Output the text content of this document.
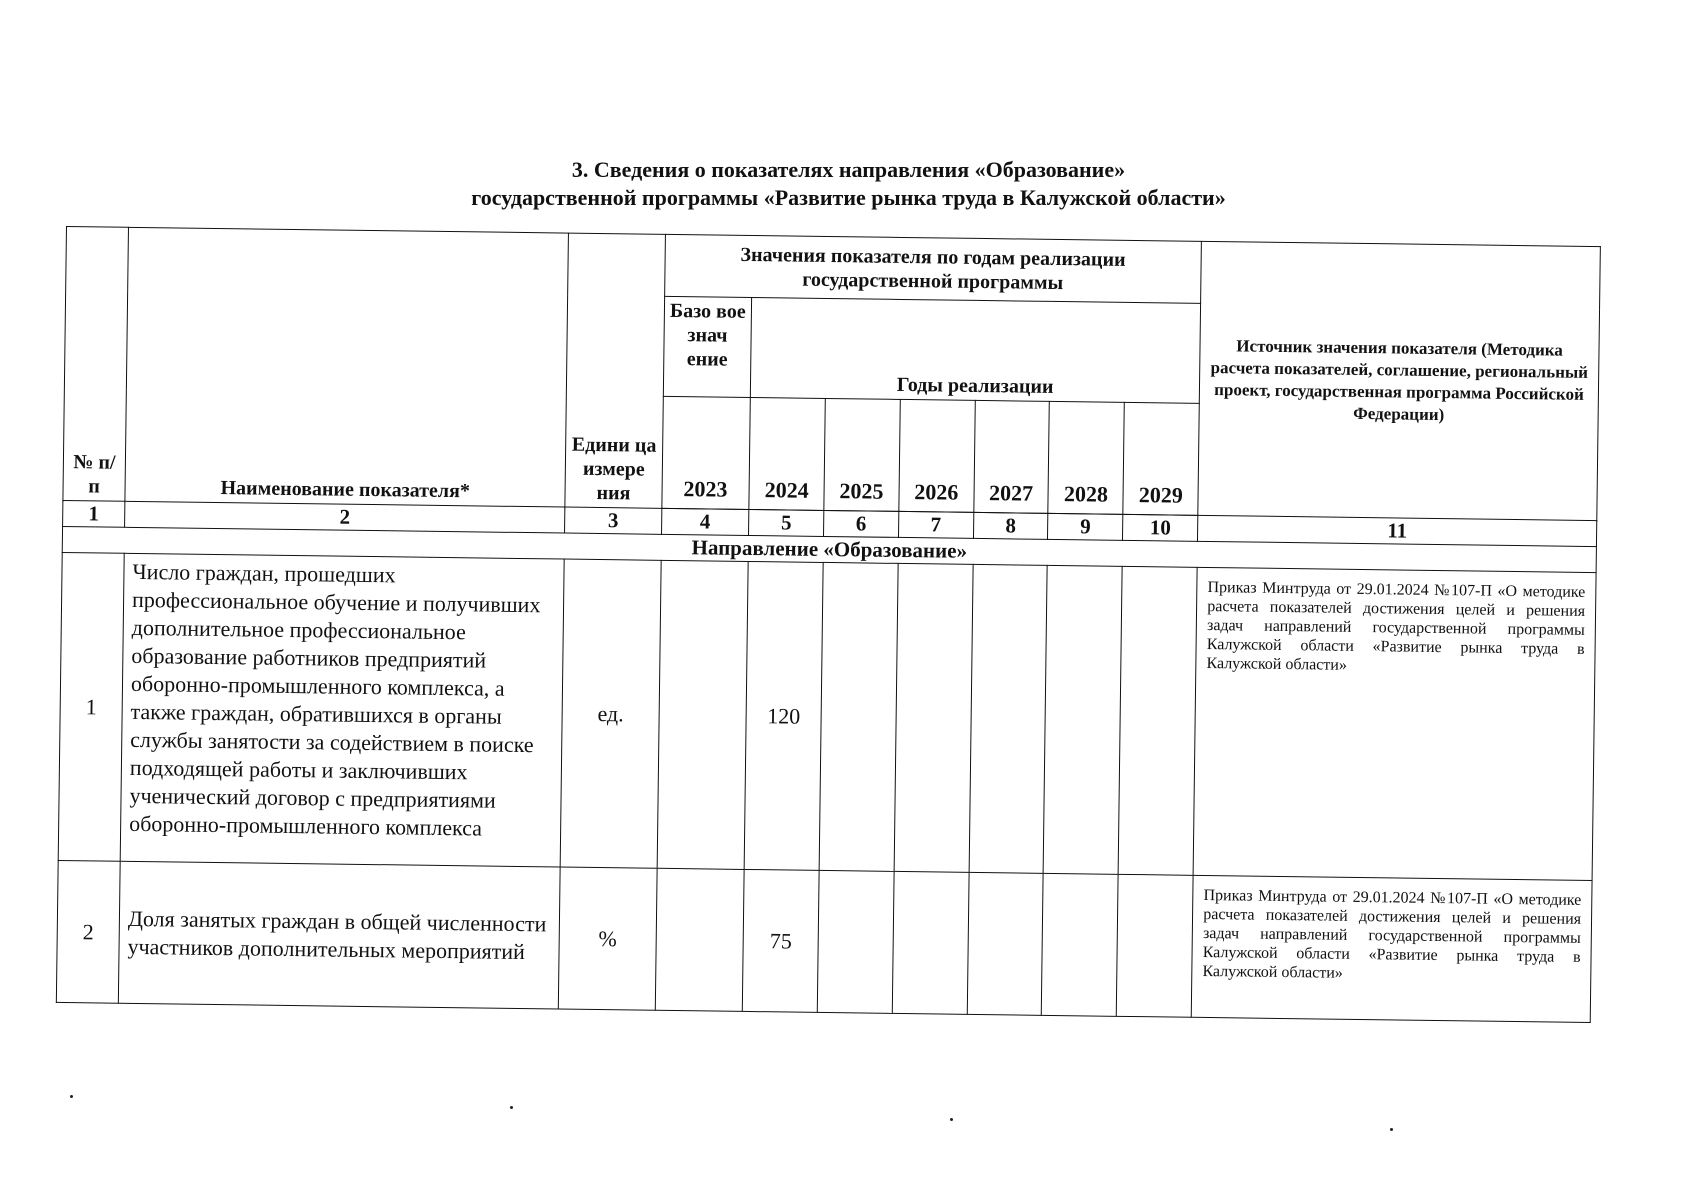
3. Сведения о показателях направления «Образование»
государственной программы «Развитие рынка труда в Калужской области»
№ п/п	Наименование показателя*	Едини ца измере ния	Значения показателя по годам реализации государственной программы							Источник значения показателя (Методика расчета показателей, соглашение, региональный проект, государственная программа Российской Федерации)
			Базо вое знач ение	Годы реализации						
			2023	2024	2025	2026	2027	2028	2029	

1	2	3	4	5	6	7	8	9	10	11
Направление «Образование»										
1	Число граждан, прошедших профессиональное обучение и получивших дополнительное профессиональное образование работников предприятий оборонно-промышленного комплекса, а также граждан, обратившихся в органы службы занятости за содействием в поиске подходящей работы и заключивших ученический договор с предприятиями оборонно-промышленного комплекса	ед.		120						Приказ Минтруда от 29.01.2024 №107-П «О методике расчета показателей достижения целей и решения задач направлений государственной программы Калужской области «Развитие рынка труда в Калужской области»
2	Доля занятых граждан в общей численности участников дополнительных мероприятий	%		75						Приказ Минтруда от 29.01.2024 №107-П «О методике расчета показателей достижения целей и решения задач направлений государственной программы Калужской области «Развитие рынка труда в Калужской области»
